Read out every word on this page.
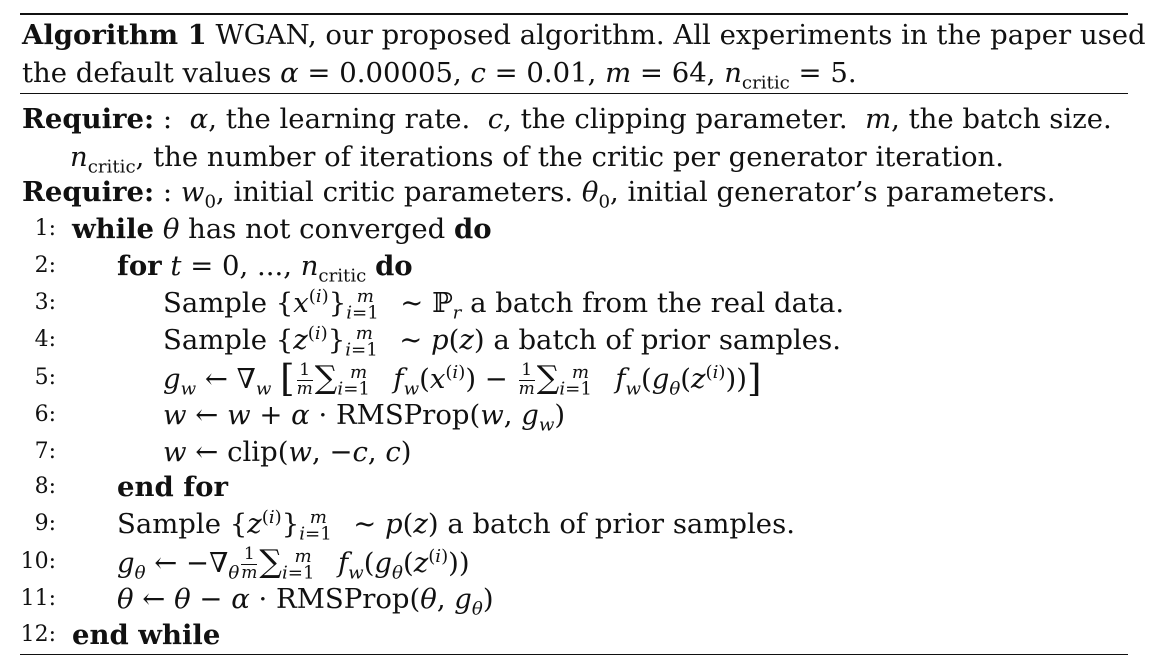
Algorithm 1 WGAN, our proposed algorithm. All experiments in the paper used
the default values α = 0.00005, c = 0.01, m = 64, $n_{critic} = 5$.
Require: :  α, the learning rate. c, the clipping parameter. m, the batch size.
$n_{critic}$, the number of iterations of the critic per generator iteration.
Require: : $w_0$, initial critic parameters. $\theta_0$, initial generator’s parameters.
1: while θ has not converged do
2: for t = 0, ..., $n_{critic}$ do
3:	Sample $\{x^{(i)}\}_{i=1}^m$   ∼ ℙ$_r$ a batch from the real data.
4:	Sample $\{z^{(i)}\}_{i=1}^m$   ∼ p(z) a batch of prior samples.
5:	$g_w$ ← $\nabla_w$ [ $\frac{1}{m} \sum_{i=1}^m$ $f_w(x^{(i)}) - \frac{1}{m} \sum_{i=1}^m$ $f_w(g_\theta(z^{(i)}))$]
6:	w ← w + α · RMSProp(w, $g_w$)
7:	w ← clip(w, −c, c)
8: end for
9: Sample $\{z^{(i)}\}_{i=1}^m$   ∼ p(z) a batch of prior samples.
10: $g_\theta$ ← $-\nabla_\theta \frac{1}{m} \sum_{i=1}^m$ $f_w(g_\theta(z^{(i)}))$
11: θ ← θ − α · RMSProp(θ, $g_\theta$)
12: end while
